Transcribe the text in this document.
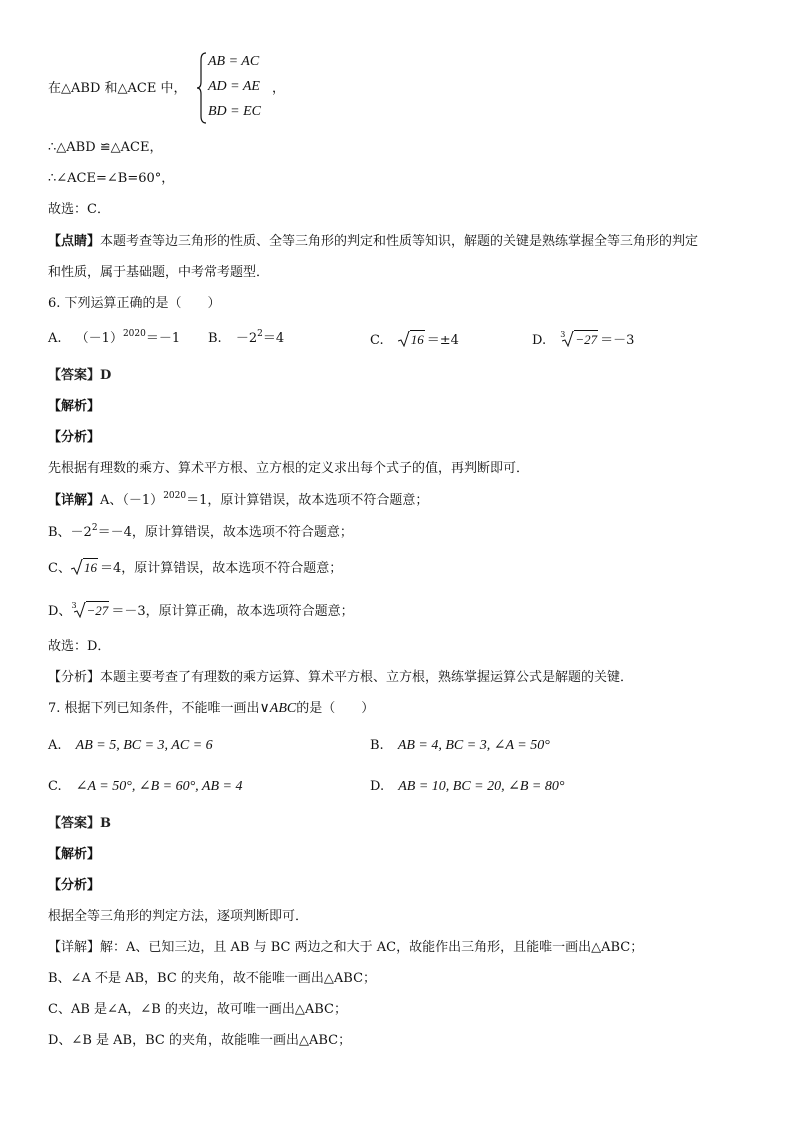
在△ABD 和△ACE 中，
AB = AC
AD = AE
BD = EC
，
∴△ABD ≌△ACE，
∴∠ACE=∠B=60°，
故选：C．
【点睛】本题考查等边三角形的性质、全等三角形的判定和性质等知识，解题的关键是熟练掌握全等三角形的判定
和性质，属于基础题，中考常考题型．
6. 下列运算正确的是（　　）
A. $(-1)^{2020}=-1$ B. $-2^2=4$	C. 16 ＝±4	D. $^3$ −27 ＝－3
【答案】D
【解析】
【分析】
先根据有理数的乘方、算术平方根、立方根的定义求出每个式子的值，再判断即可．
【详解】A、$(-1)^{2020}=1$，原计算错误，故本选项不符合题意；
B、$-2^2=-4$，原计算错误，故本选项不符合题意；
C、 16 ＝4，原计算错误，故本选项不符合题意；
D、$^3$ −27 ＝－3，原计算正确，故本选项符合题意；
故选：D．
【分析】本题主要考查了有理数的乘方运算、算术平方根、立方根，熟练掌握运算公式是解题的关键．
7. 根据下列已知条件，不能唯一画出∨ABC的是（　　）
A. AB = 5, BC = 3, AC = 6	B. AB = 4, BC = 3, ∠A = 50°
C. ∠A = 50°, ∠B = 60°, AB = 4	D. AB = 10, BC = 20, ∠B = 80°
【答案】B
【解析】
【分析】
根据全等三角形的判定方法，逐项判断即可．
【详解】解：A、已知三边，且 AB 与 BC 两边之和大于 AC，故能作出三角形，且能唯一画出△ABC；
B、∠A 不是 AB，BC 的夹角，故不能唯一画出△ABC；
C、AB 是∠A，∠B 的夹边，故可唯一画出△ABC；
D、∠B 是 AB，BC 的夹角，故能唯一画出△ABC；
